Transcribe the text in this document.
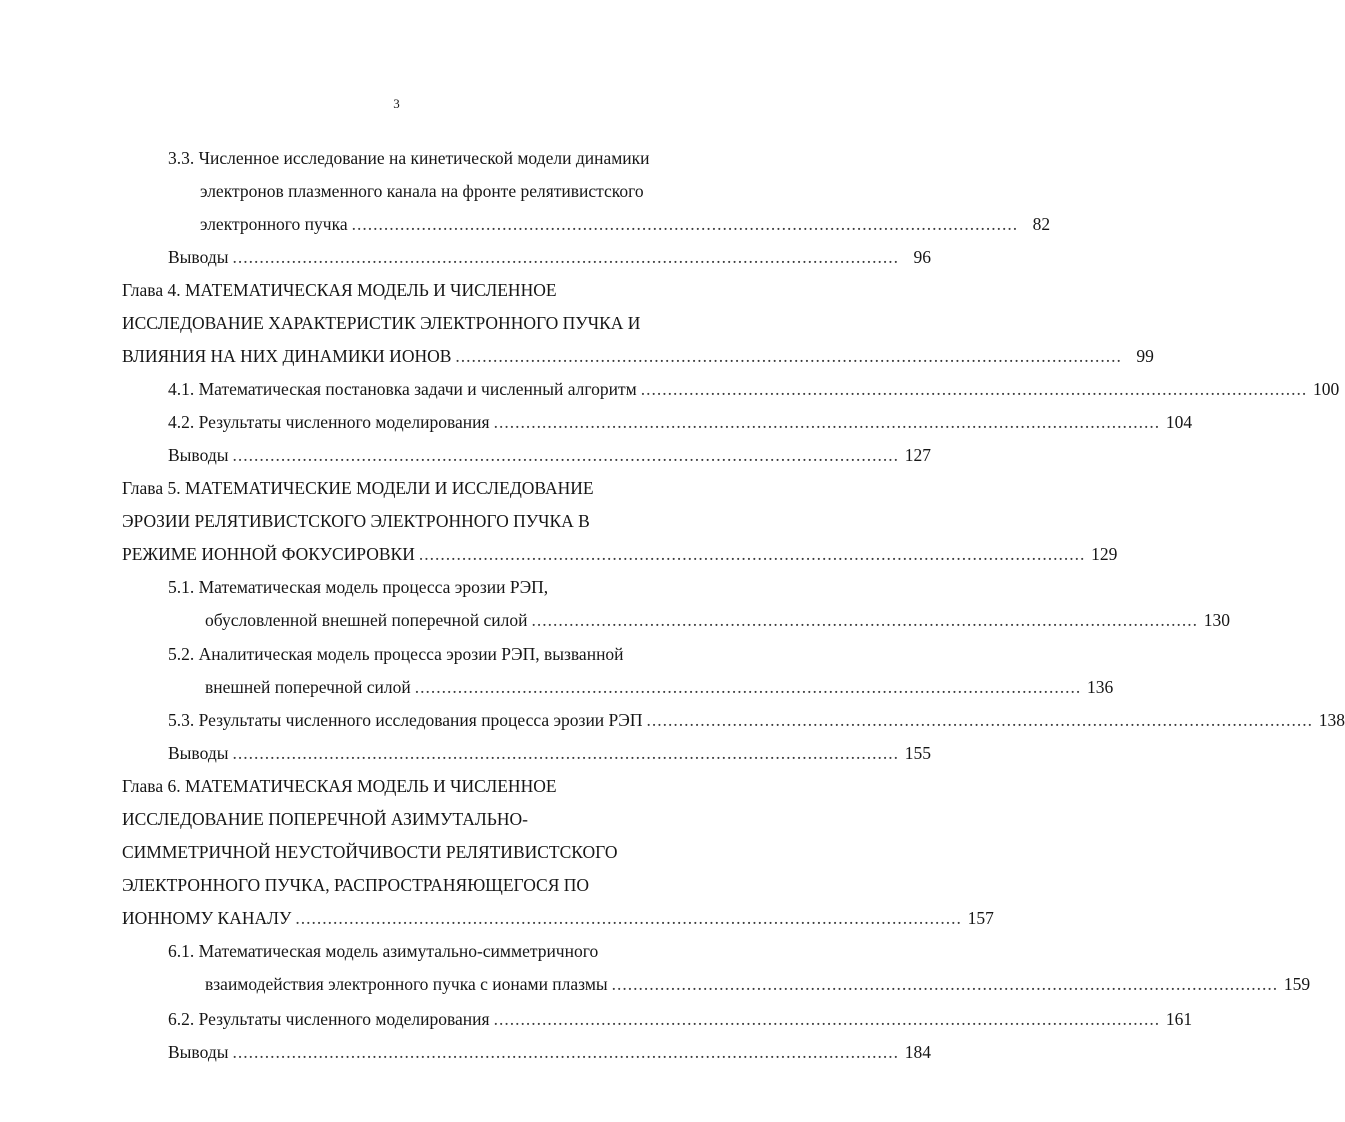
3
3.3. Численное исследование на кинетической модели динамики
электронов плазменного канала на фронте релятивистского
электронного пучка ............................................................................................................................ 82
Выводы ............................................................................................................................ 96
Глава 4. МАТЕМАТИЧЕСКАЯ МОДЕЛЬ И ЧИСЛЕННОЕ
ИССЛЕДОВАНИЕ ХАРАКТЕРИСТИК ЭЛЕКТРОННОГО ПУЧКА И
ВЛИЯНИЯ НА НИХ ДИНАМИКИ ИОНОВ ............................................................................................................................ 99
4.1. Математическая постановка задачи и численный алгоритм ............................................................................................................................ 100
4.2. Результаты численного моделирования ............................................................................................................................ 104
Выводы ............................................................................................................................ 127
Глава 5. МАТЕМАТИЧЕСКИЕ МОДЕЛИ И ИССЛЕДОВАНИЕ
ЭРОЗИИ РЕЛЯТИВИСТСКОГО ЭЛЕКТРОННОГО ПУЧКА В
РЕЖИМЕ ИОННОЙ ФОКУСИРОВКИ ............................................................................................................................ 129
5.1. Математическая модель процесса эрозии РЭП,
обусловленной внешней поперечной силой ............................................................................................................................ 130
5.2. Аналитическая модель процесса эрозии РЭП, вызванной
внешней поперечной силой ............................................................................................................................ 136
5.3. Результаты численного исследования процесса эрозии РЭП ............................................................................................................................ 138
Выводы ............................................................................................................................ 155
Глава 6. МАТЕМАТИЧЕСКАЯ МОДЕЛЬ И ЧИСЛЕННОЕ
ИССЛЕДОВАНИЕ ПОПЕРЕЧНОЙ АЗИМУТАЛЬНО-
СИММЕТРИЧНОЙ НЕУСТОЙЧИВОСТИ РЕЛЯТИВИСТСКОГО
ЭЛЕКТРОННОГО ПУЧКА, РАСПРОСТРАНЯЮЩЕГОСЯ ПО
ИОННОМУ КАНАЛУ ............................................................................................................................ 157
6.1. Математическая модель азимутально-симметричного
взаимодействия электронного пучка с ионами плазмы ............................................................................................................................ 159
6.2. Результаты численного моделирования ............................................................................................................................ 161
Выводы ............................................................................................................................ 184
